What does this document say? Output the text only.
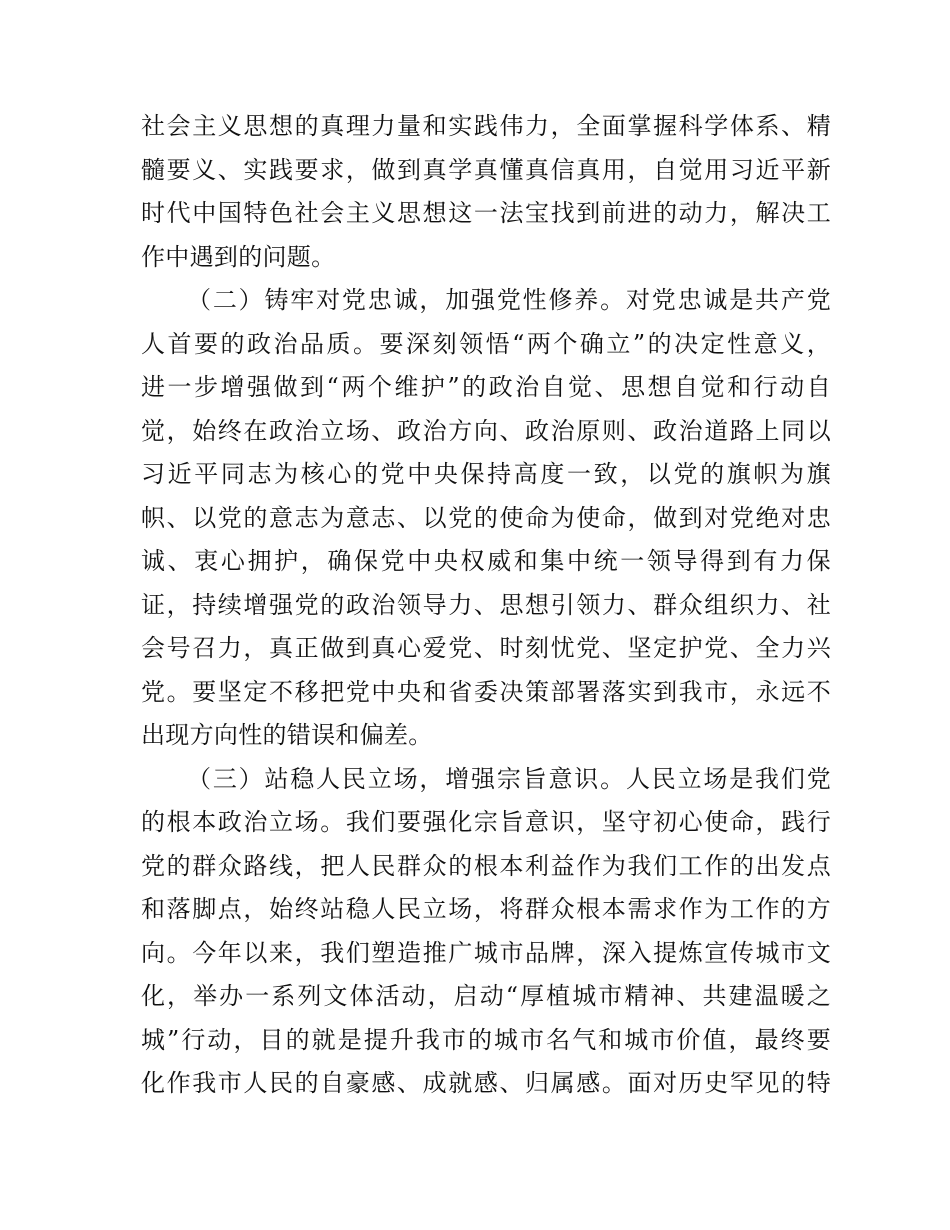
社会主义思想的真理力量和实践伟力，全面掌握科学体系、精
髓要义、实践要求，做到真学真懂真信真用，自觉用习近平新
时代中国特色社会主义思想这一法宝找到前进的动力，解决工
作中遇到的问题。
（二）铸牢对党忠诚，加强党性修养。对党忠诚是共产党
人首要的政治品质。要深刻领悟“两个确立”的决定性意义，
进一步增强做到“两个维护”的政治自觉、思想自觉和行动自
觉，始终在政治立场、政治方向、政治原则、政治道路上同以
习近平同志为核心的党中央保持高度一致，以党的旗帜为旗
帜、以党的意志为意志、以党的使命为使命，做到对党绝对忠
诚、衷心拥护，确保党中央权威和集中统一领导得到有力保
证，持续增强党的政治领导力、思想引领力、群众组织力、社
会号召力，真正做到真心爱党、时刻忧党、坚定护党、全力兴
党。要坚定不移把党中央和省委决策部署落实到我市，永远不
出现方向性的错误和偏差。
（三）站稳人民立场，增强宗旨意识。人民立场是我们党
的根本政治立场。我们要强化宗旨意识，坚守初心使命，践行
党的群众路线，把人民群众的根本利益作为我们工作的出发点
和落脚点，始终站稳人民立场，将群众根本需求作为工作的方
向。今年以来，我们塑造推广城市品牌，深入提炼宣传城市文
化，举办一系列文体活动，启动“厚植城市精神、共建温暖之
城”行动，目的就是提升我市的城市名气和城市价值，最终要
化作我市人民的自豪感、成就感、归属感。面对历史罕见的特
